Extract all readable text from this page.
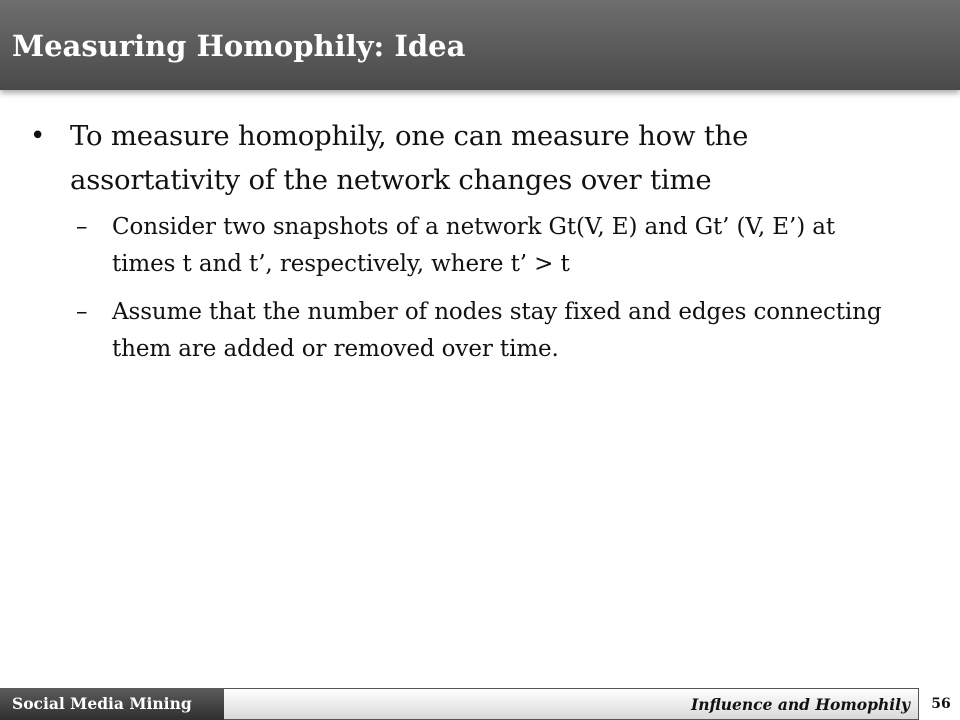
Measuring Homophily: Idea
• To measure homophily, one can measure how the assortativity of the network changes over time
– Consider two snapshots of a network Gt(V, E) and Gt’ (V, E’) at times t and t’, respectively, where t’ > t
– Assume that the number of nodes stay fixed and edges connecting them are added or removed over time.
Social Media Mining	Influence and Homophily	56
